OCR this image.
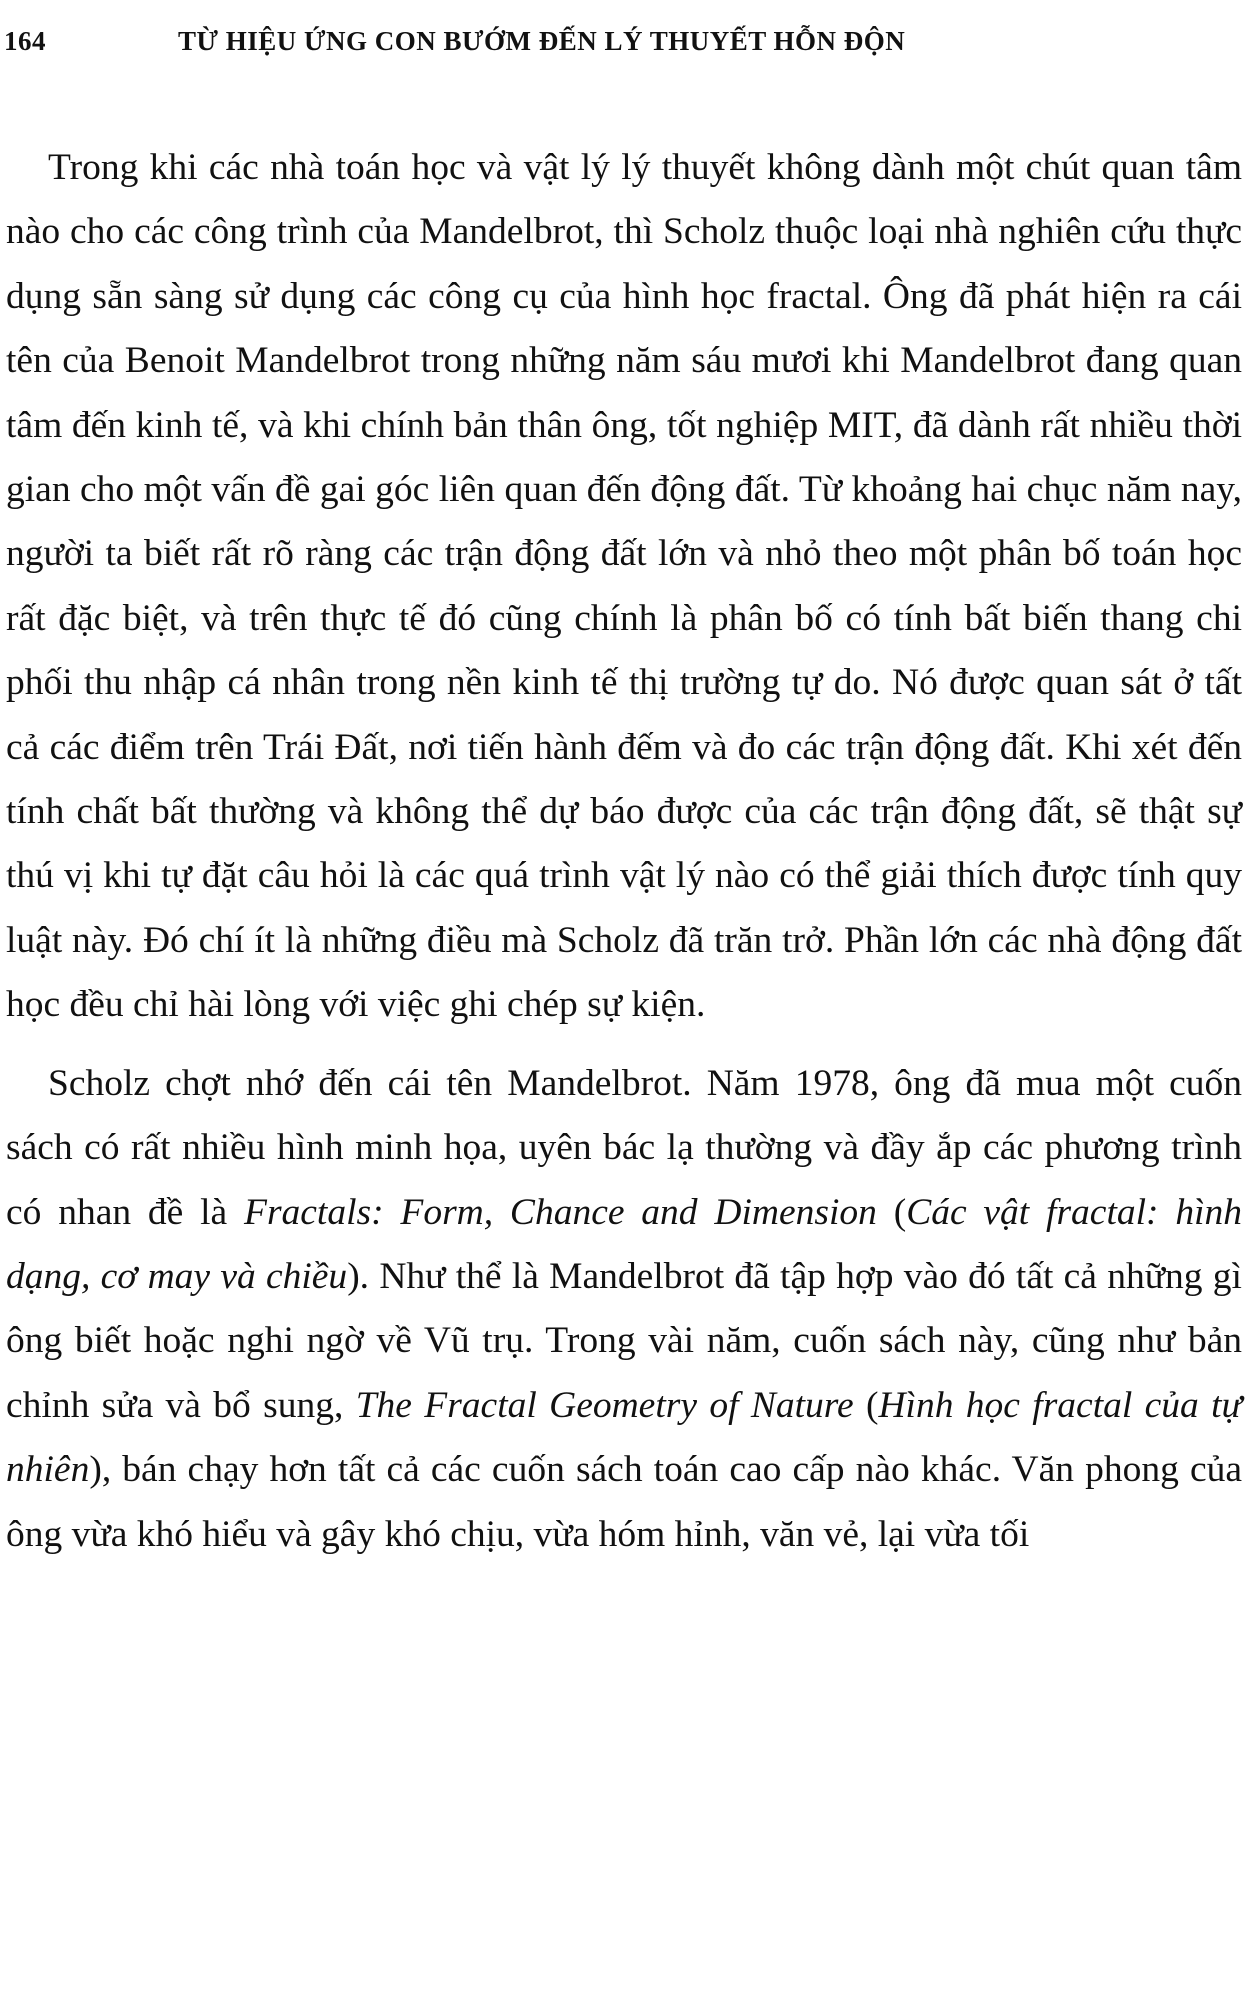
164	TỪ HIỆU ỨNG CON BƯỚM ĐẾN LÝ THUYẾT HỖN ĐỘN

Trong khi các nhà toán học và vật lý lý thuyết không dành một chút quan tâm nào cho các công trình của Mandelbrot, thì Scholz thuộc loại nhà nghiên cứu thực dụng sẵn sàng sử dụng các công cụ của hình học fractal. Ông đã phát hiện ra cái tên của Benoit Mandelbrot trong những năm sáu mươi khi Mandelbrot đang quan tâm đến kinh tế, và khi chính bản thân ông, tốt nghiệp MIT, đã dành rất nhiều thời gian cho một vấn đề gai góc liên quan đến động đất. Từ khoảng hai chục năm nay, người ta biết rất rõ ràng các trận động đất lớn và nhỏ theo một phân bố toán học rất đặc biệt, và trên thực tế đó cũng chính là phân bố có tính bất biến thang chi phối thu nhập cá nhân trong nền kinh tế thị trường tự do. Nó được quan sát ở tất cả các điểm trên Trái Đất, nơi tiến hành đếm và đo các trận động đất. Khi xét đến tính chất bất thường và không thể dự báo được của các trận động đất, sẽ thật sự thú vị khi tự đặt câu hỏi là các quá trình vật lý nào có thể giải thích được tính quy luật này. Đó chí ít là những điều mà Scholz đã trăn trở. Phần lớn các nhà động đất học đều chỉ hài lòng với việc ghi chép sự kiện.

Scholz chợt nhớ đến cái tên Mandelbrot. Năm 1978, ông đã mua một cuốn sách có rất nhiều hình minh họa, uyên bác lạ thường và đầy ắp các phương trình có nhan đề là Fractals: Form, Chance and Dimension (Các vật fractal: hình dạng, cơ may và chiều). Như thể là Mandelbrot đã tập hợp vào đó tất cả những gì ông biết hoặc nghi ngờ về Vũ trụ. Trong vài năm, cuốn sách này, cũng như bản chỉnh sửa và bổ sung, The Fractal Geometry of Nature (Hình học fractal của tự nhiên), bán chạy hơn tất cả các cuốn sách toán cao cấp nào khác. Văn phong của ông vừa khó hiểu và gây khó chịu, vừa hóm hỉnh, văn vẻ, lại vừa tối
